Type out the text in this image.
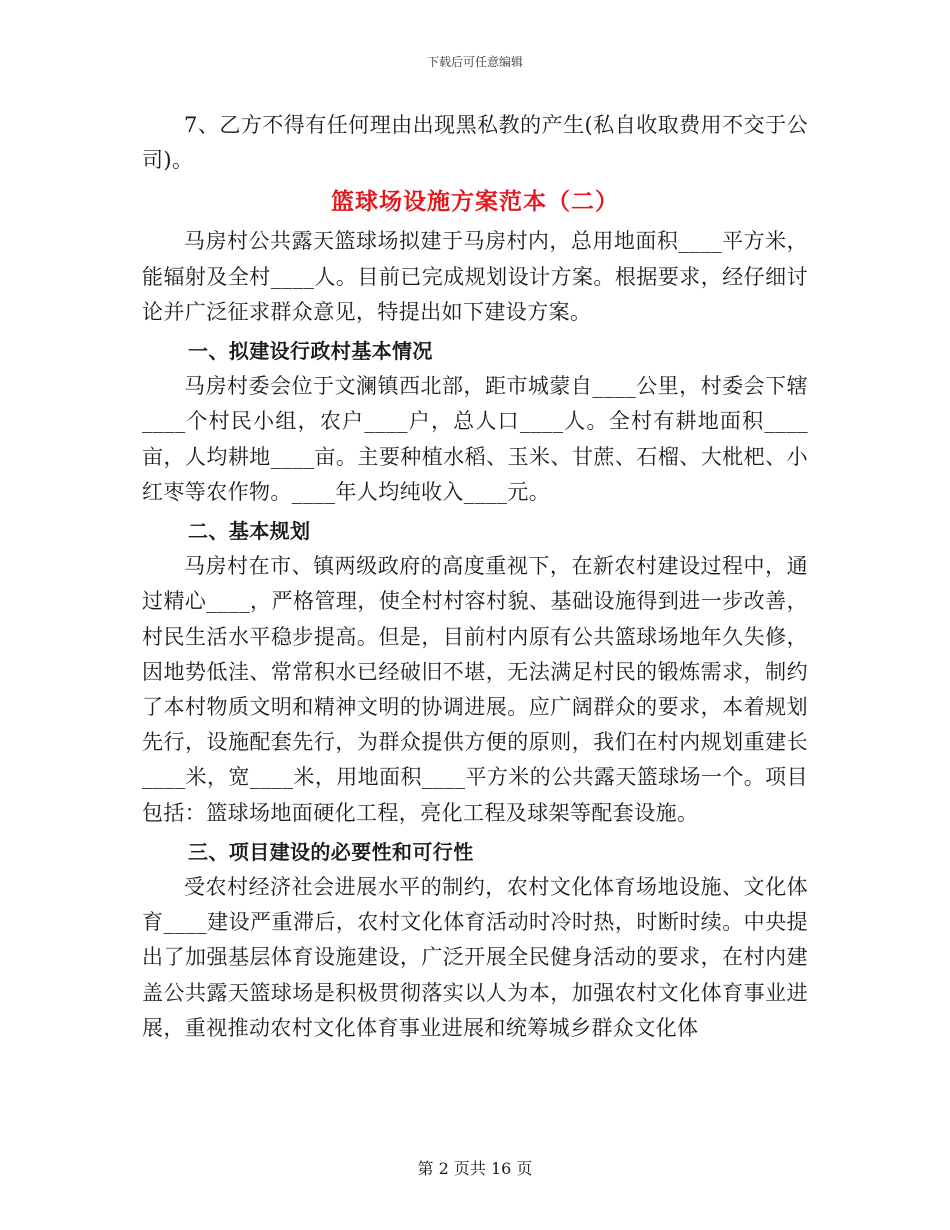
下载后可任意编辑

7、乙方不得有任何理由出现黑私教的产生(私自收取费用不交于公司)。

篮球场设施方案范本（二）

马房村公共露天篮球场拟建于马房村内，总用地面积____平方米，能辐射及全村____人。目前已完成规划设计方案。根据要求，经仔细讨论并广泛征求群众意见，特提出如下建设方案。

一、拟建设行政村基本情况

马房村委会位于文澜镇西北部，距市城蒙自____公里，村委会下辖____个村民小组，农户____户，总人口____人。全村有耕地面积____亩，人均耕地____亩。主要种植水稻、玉米、甘蔗、石榴、大枇杷、小红枣等农作物。____年人均纯收入____元。

二、基本规划

马房村在市、镇两级政府的高度重视下，在新农村建设过程中，通过精心____，严格管理，使全村村容村貌、基础设施得到进一步改善，村民生活水平稳步提高。但是，目前村内原有公共篮球场地年久失修，因地势低洼、常常积水已经破旧不堪，无法满足村民的锻炼需求，制约了本村物质文明和精神文明的协调进展。应广阔群众的要求，本着规划先行，设施配套先行，为群众提供方便的原则，我们在村内规划重建长____米，宽____米，用地面积____平方米的公共露天篮球场一个。项目包括：篮球场地面硬化工程，亮化工程及球架等配套设施。

三、项目建设的必要性和可行性

受农村经济社会进展水平的制约，农村文化体育场地设施、文化体育____建设严重滞后，农村文化体育活动时冷时热，时断时续。中央提出了加强基层体育设施建设，广泛开展全民健身活动的要求，在村内建盖公共露天篮球场是积极贯彻落实以人为本，加强农村文化体育事业进展，重视推动农村文化体育事业进展和统筹城乡群众文化体

第 2 页共 16 页
